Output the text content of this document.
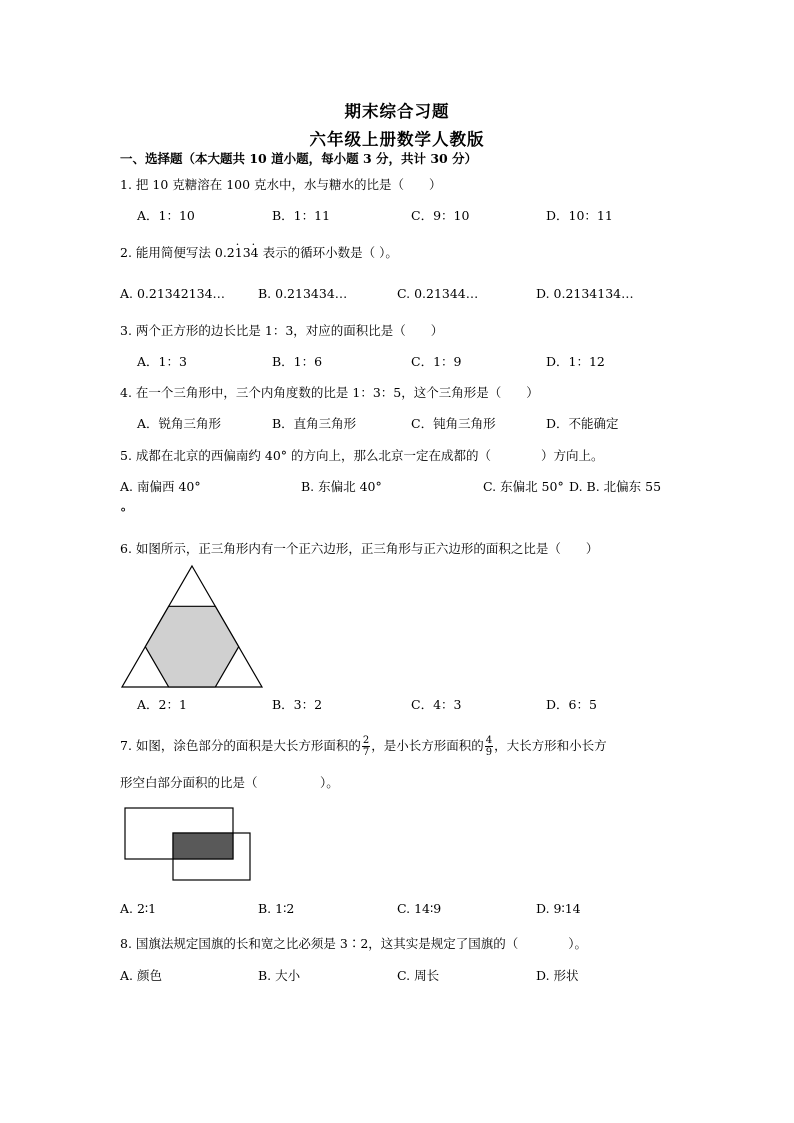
期末综合习题
六年级上册数学人教版
一、选择题（本大题共 10 道小题，每小题 3 分，共计 30 分）
1. 把 10 克糖溶在 100 克水中，水与糖水的比是（　　）
A．1：10	B．1：11	C．9：10	D．10：11
2. 能用简便写法 0.2· 13· 4 表示的循环小数是（ ）。
A. 0.21342134…	B. 0.213434…	C. 0.21344…	D. 0.2134134…
3. 两个正方形的边长比是 1：3，对应的面积比是（　　）
A．1：3	B．1：6	C．1：9	D．1：12
4. 在一个三角形中，三个内角度数的比是 1：3：5，这个三角形是（　　）
A．锐角三角形	B．直角三角形	C．钝角三角形	D．不能确定
5. 成都在北京的西偏南约 40° 的方向上，那么北京一定在成都的（　　　　）方向上。
A. 南偏西 40°	B. 东偏北 40°	C. 东偏北 50° D. B. 北偏东 55
°
6. 如图所示，正三角形内有一个正六边形，正三角形与正六边形的面积之比是（　　）
A．2：1	B．3：2	C．4：3	D．6：5
7. 如图，涂色部分的面积是大长方形面积的 $\frac{2}{7}$ ，是小长方形面积的 $\frac{4}{9}$ ，大长方形和小长方
形空白部分面积的比是（　　　　　）。
A. 2∶1	B. 1∶2	C. 14∶9	D. 9∶14
8. 国旗法规定国旗的长和宽之比必须是 3∶2，这其实是规定了国旗的（　　　　）。
A. 颜色	B. 大小	C. 周长	D. 形状
